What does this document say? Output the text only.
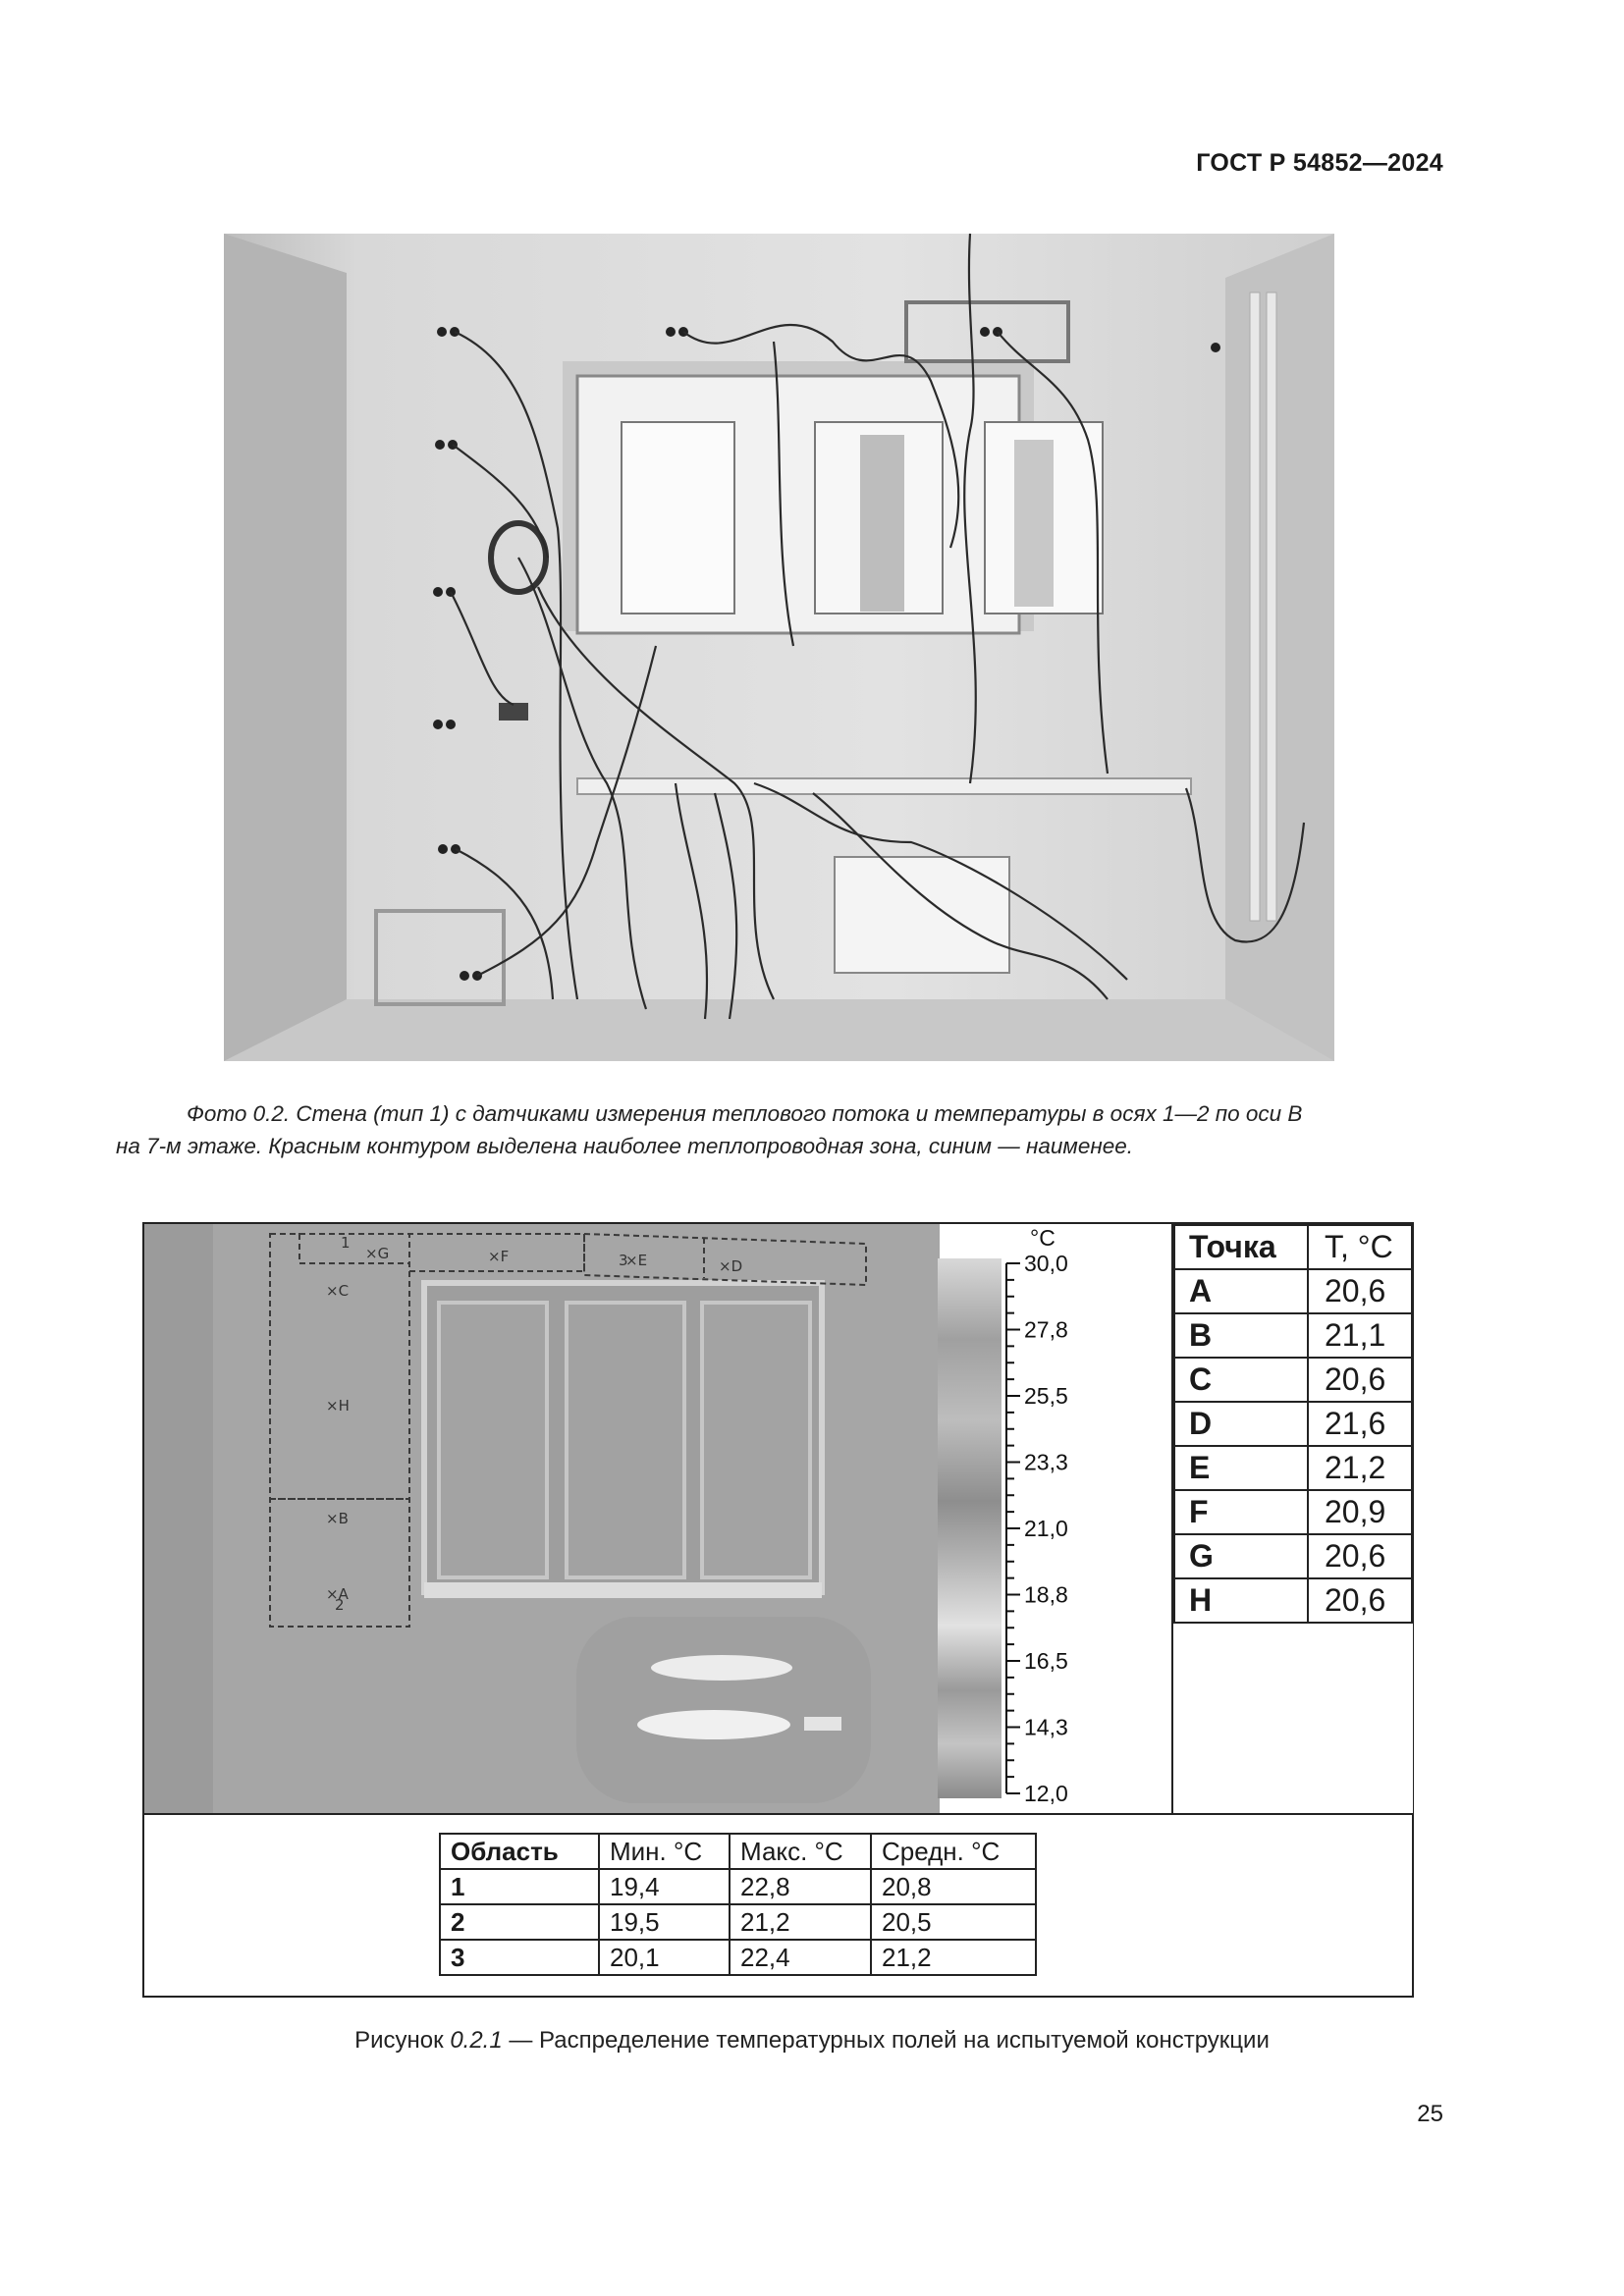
ГОСТ Р 54852—2024
Фото 0.2. Стена (тип 1) с датчиками измерения теплового потока и температуры в осях 1—2 по оси В
на 7-м этаже. Красным контуром выделена наиболее теплопроводная зона, синим — наименее.
×G	×F	×E	×D
×C
×H
×B
×A
2
1
3
°C
30,0
27,8
25,5
23,3
21,0
18,8
16,5
14,3
12,0
Точка	T, °C
A	20,6
B	21,1
C	20,6
D	21,6
E	21,2
F	20,9
G	20,6
H	20,6
Область	Мин. °C	Макс. °C	Средн. °C
1	19,4	22,8	20,8
2	19,5	21,2	20,5
3	20,1	22,4	21,2
Рисунок 0.2.1 — Распределение температурных полей на испытуемой конструкции
25
